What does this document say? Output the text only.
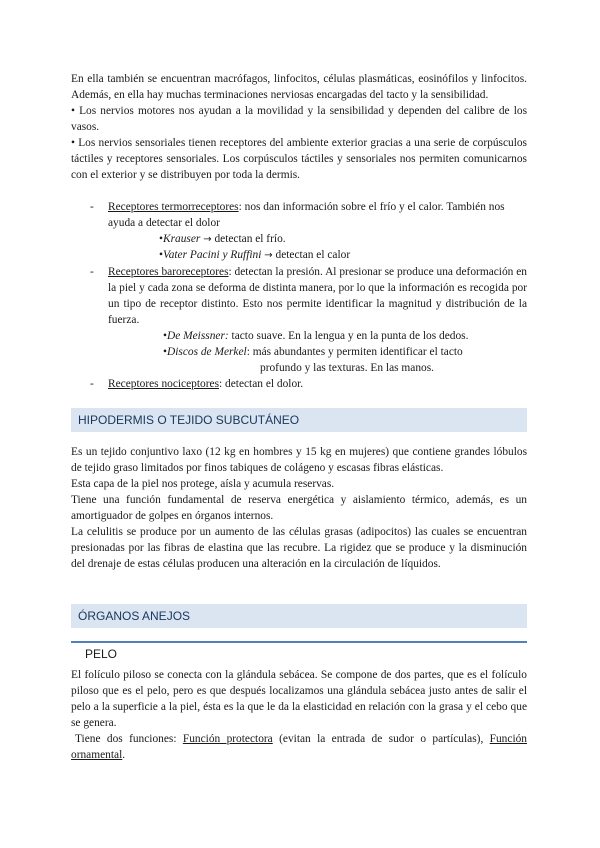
En ella también se encuentran macrófagos, linfocitos, células plasmáticas, eosinófilos y linfocitos. Además, en ella hay muchas terminaciones nerviosas encargadas del tacto y la sensibilidad.

• Los nervios motores nos ayudan a la movilidad y la sensibilidad y dependen del calibre de los vasos.

• Los nervios sensoriales tienen receptores del ambiente exterior gracias a una serie de corpúsculos táctiles y receptores sensoriales. Los corpúsculos táctiles y sensoriales nos permiten comunicarnos con el exterior y se distribuyen por toda la dermis.

- Receptores termorreceptores: nos dan información sobre el frío y el calor. También nos ayuda a detectar el dolor

•Krauser → detectan el frío.

•Vater Pacini y Ruffini → detectan el calor

- Receptores baroreceptores: detectan la presión. Al presionar se produce una deformación en la piel y cada zona se deforma de distinta manera, por lo que la información es recogida por un tipo de receptor distinto. Esto nos permite identificar la magnitud y distribución de la fuerza.

•De Meissner: tacto suave. En la lengua y en la punta de los dedos.

•Discos de Merkel: más abundantes y permiten identificar el tacto

profundo y las texturas. En las manos.

- Receptores nociceptores: detectan el dolor.

HIPODERMIS O TEJIDO SUBCUTÁNEO

Es un tejido conjuntivo laxo (12 kg en hombres y 15 kg en mujeres) que contiene grandes lóbulos de tejido graso limitados por finos tabiques de colágeno y escasas fibras elásticas.

Esta capa de la piel nos protege, aísla y acumula reservas.

Tiene una función fundamental de reserva energética y aislamiento térmico, además, es un amortiguador de golpes en órganos internos.

La celulitis se produce por un aumento de las células grasas (adipocitos) las cuales se encuentran presionadas por las fibras de elastina que las recubre. La rigidez que se produce y la disminución del drenaje de estas células producen una alteración en la circulación de líquidos.

ÓRGANOS ANEJOS
PELO

El folículo piloso se conecta con la glándula sebácea. Se compone de dos partes, que es el folículo piloso que es el pelo, pero es que después localizamos una glándula sebácea justo antes de salir el pelo a la superficie a la piel, ésta es la que le da la elasticidad en relación con la grasa y el cebo que se genera.

Tiene dos funciones: Función protectora (evitan la entrada de sudor o partículas), Función ornamental.
